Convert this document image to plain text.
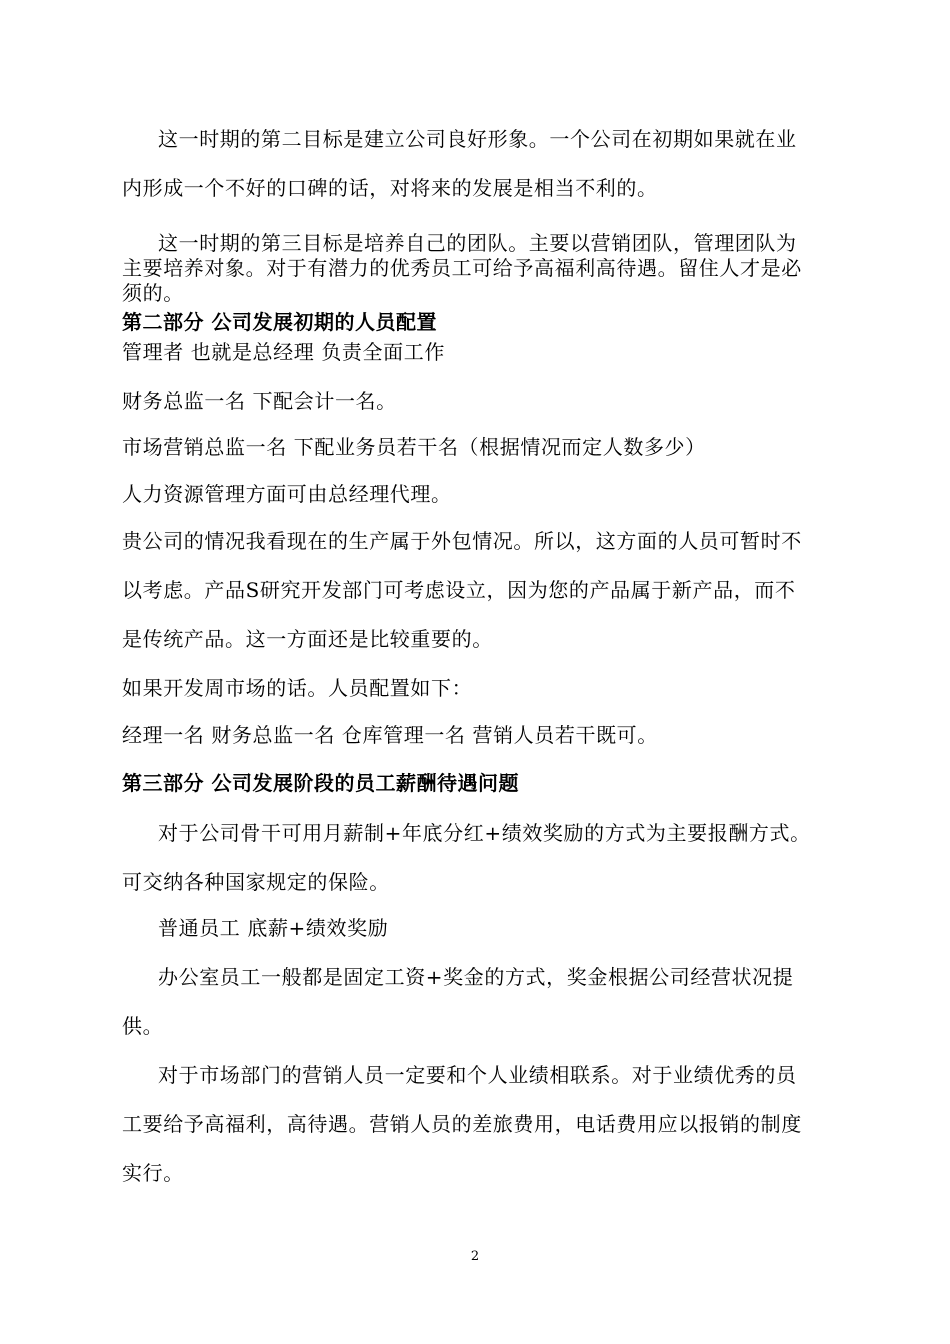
这一时期的第二目标是建立公司良好形象。一个公司在初期如果就在业
内形成一个不好的口碑的话，对将来的发展是相当不利的。
这一时期的第三目标是培养自己的团队。主要以营销团队，管理团队为
主要培养对象。对于有潜力的优秀员工可给予高福利高待遇。留住人才是必
须的。
第二部分 公司发展初期的人员配置
管理者 也就是总经理 负责全面工作
财务总监一名 下配会计一名。
市场营销总监一名 下配业务员若干名（根据情况而定人数多少）
人力资源管理方面可由总经理代理。
贵公司的情况我看现在的生产属于外包情况。所以，这方面的人员可暂时不
以考虑。产品S研究开发部门可考虑设立，因为您的产品属于新产品，而不
是传统产品。这一方面还是比较重要的。
如果开发周市场的话。人员配置如下：
经理一名 财务总监一名 仓库管理一名 营销人员若干既可。
第三部分 公司发展阶段的员工薪酬待遇问题
对于公司骨干可用月薪制+年底分红+绩效奖励的方式为主要报酬方式。
可交纳各种国家规定的保险。
普通员工 底薪+绩效奖励
办公室员工一般都是固定工资+奖金的方式，奖金根据公司经营状况提
供。
对于市场部门的营销人员一定要和个人业绩相联系。对于业绩优秀的员
工要给予高福利，高待遇。营销人员的差旅费用，电话费用应以报销的制度
实行。
2
